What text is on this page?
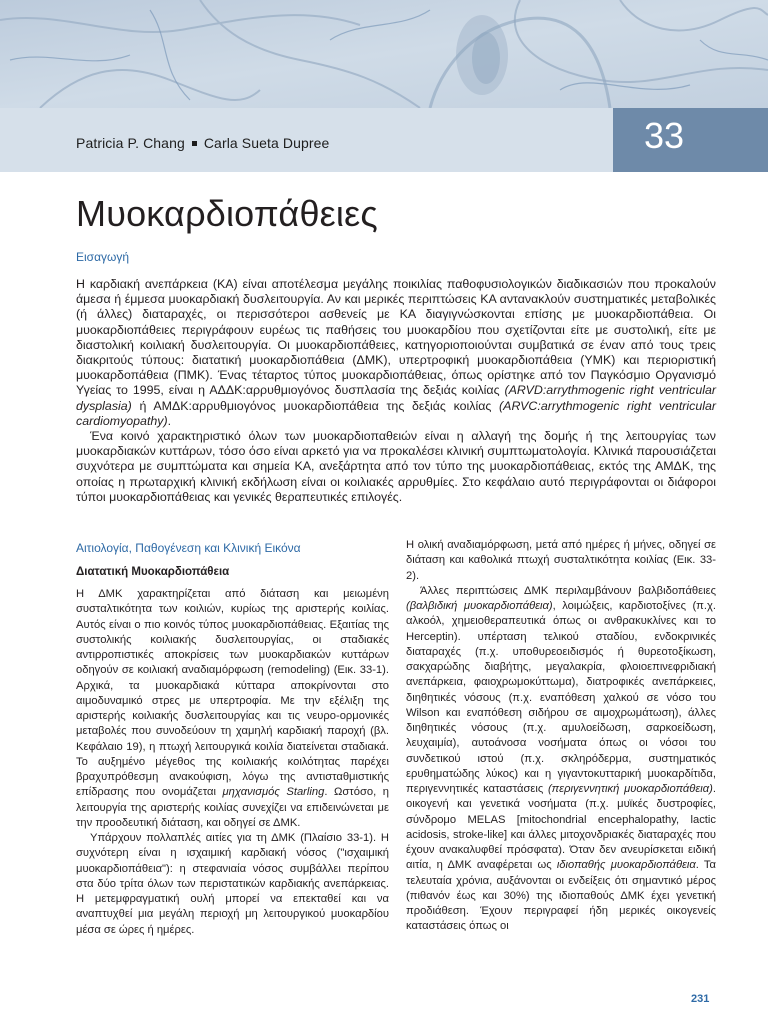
Patricia P. Chang Carla Sueta Dupree	33
Μυοκαρδιοπάθειες
Εισαγωγή

Η καρδιακή ανεπάρκεια (ΚΑ) είναι αποτέλεσμα μεγάλης ποικιλίας παθοφυσιολογικών διαδικασιών που προκαλούν άμεσα ή έμμεσα μυοκαρδιακή δυσλειτουργία. Αν και μερικές περιπτώσεις ΚΑ αντανακλούν συστηματικές μεταβολικές (ή άλλες) διαταραχές, οι περισσότεροι ασθενείς με ΚΑ διαγιγνώσκονται επίσης με μυοκαρδιοπάθεια. Οι μυοκαρδιοπάθειες περιγράφουν ευρέως τις παθήσεις του μυοκαρδίου που σχετίζονται είτε με συστολική, είτε με διαστολική κοιλιακή δυσλειτουργία. Οι μυοκαρδιοπάθειες, κατηγοριοποιούνται συμβατικά σε έναν από τους τρεις διακριτούς τύπους: διατατική μυοκαρδιοπάθεια (ΔΜΚ), υπερτροφική μυοκαρδιοπάθεια (ΥΜΚ) και περιοριστική μυοκαρδοπάθεια (ΠΜΚ). Ένας τέταρτος τύπος μυοκαρδιοπάθειας, όπως ορίστηκε από τον Παγκόσμιο Οργανισμό Υγείας το 1995, είναι η ΑΔΔΚ:αρρυθμιογόνος δυσπλασία της δεξιάς κοιλίας (ARVD:arrythmogenic right ventricular dysplasia) ή ΑΜΔΚ:αρρυθμιογόνος μυοκαρδιοπάθεια της δεξιάς κοιλίας (ARVC:arrythmogenic right ventricular cardiomyopathy).

Ένα κοινό χαρακτηριστικό όλων των μυοκαρδιοπαθειών είναι η αλλαγή της δομής ή της λειτουργίας των μυοκαρδιακών κυττάρων, τόσο όσο είναι αρκετό για να προκαλέσει κλινική συμπτωματολογία. Κλινικά παρουσιάζεται συχνότερα με συμπτώματα και σημεία ΚΑ, ανεξάρτητα από τον τύπο της μυοκαρδιοπάθειας, εκτός της ΑΜΔΚ, της οποίας η πρωταρχική κλινική εκδήλωση είναι οι κοιλιακές αρρυθμίες. Στο κεφάλαιο αυτό περιγράφονται οι διάφοροι τύποι μυοκαρδιοπάθειας και γενικές θεραπευτικές επιλογές.

Αιτιολογία, Παθογένεση και Κλινική Εικόνα
Διατατική Μυοκαρδιοπάθεια

Η ΔΜΚ χαρακτηρίζεται από διάταση και μειωμένη συσταλτικότητα των κοιλιών, κυρίως της αριστερής κοιλίας. Αυτός είναι ο πιο κοινός τύπος μυοκαρδιοπάθειας. Εξαιτίας της συστολικής κοιλιακής δυσλειτουργίας, οι σταδιακές αντιρροπιστικές αποκρίσεις των μυοκαρδιακών κυττάρων οδηγούν σε κοιλιακή αναδιαμόρφωση (remodeling) (Εικ. 33-1). Αρχικά, τα μυοκαρδιακά κύτταρα αποκρίνονται στο αιμοδυναμικό στρες με υπερτροφία. Με την εξέλιξη της αριστερής κοιλιακής δυσλειτουργίας και τις νευρο-ορμονικές μεταβολές που συνοδεύουν τη χαμηλή καρδιακή παροχή (βλ. Κεφάλαιο 19), η πτωχή λειτουργικά κοιλία διατείνεται σταδιακά. Το αυξημένο μέγεθος της κοιλιακής κοιλότητας παρέχει βραχυπρόθεσμη ανακούφιση, λόγω της αντισταθμιστικής επίδρασης που ονομάζεται μηχανισμός Starling. Ωστόσο, η λειτουργία της αριστερής κοιλίας συνεχίζει να επιδεινώνεται με την προοδευτική διάταση, και οδηγεί σε ΔΜΚ.

Υπάρχουν πολλαπλές αιτίες για τη ΔΜΚ (Πλαίσιο 33-1). Η συχνότερη είναι η ισχαιμική καρδιακή νόσος ("ισχαιμική μυοκαρδιοπάθεια"): η στεφανιαία νόσος συμβάλλει περίπου στα δύο τρίτα όλων των περιστατικών καρδιακής ανεπάρκειας. Η μετεμφραγματική ουλή μπορεί να επεκταθεί και να αναπτυχθεί μια μεγάλη περιοχή μη λειτουργικού μυοκαρδίου μέσα σε ώρες ή ημέρες.

Η ολική αναδιαμόρφωση, μετά από ημέρες ή μήνες, οδηγεί σε διάταση και καθολικά πτωχή συσταλτικότητα κοιλίας (Εικ. 33-2).

Άλλες περιπτώσεις ΔΜΚ περιλαμβάνουν βαλβιδοπάθειες (βαλβιδική μυοκαρδιοπάθεια), λοιμώξεις, καρδιοτοξίνες (π.χ. αλκοόλ, χημειοθεραπευτικά όπως οι ανθρακυκλίνες και το Herceptin). υπέρταση τελικού σταδίου, ενδοκρινικές διαταραχές (π.χ. υποθυρεοειδισμός ή θυρεοτοξίκωση, σακχαρώδης διαβήτης, μεγαλακρία, φλοιοεπινεφριδιακή ανεπάρκεια, φαιοχρωμοκύττωμα), διατροφικές ανεπάρκειες, διηθητικές νόσους (π.χ. εναπόθεση χαλκού σε νόσο του Wilson και εναπόθεση σιδήρου σε αιμοχρωμάτωση), άλλες διηθητικές νόσους (π.χ. αμυλοείδωση, σαρκοείδωση, λευχαιμία), αυτοάνοσα νοσήματα όπως οι νόσοι του συνδετικού ιστού (π.χ. σκληρόδερμα, συστηματικός ερυθηματώδης λύκος) και η γιγαντοκυτταρική μυοκαρδίτιδα, περιγεννητικές καταστάσεις (περιγεννητική μυοκαρδιοπάθεια). οικογενή και γενετικά νοσήματα (π.χ. μυϊκές δυστροφίες, σύνδρομο MELAS [mitochondrial encephalopathy, lactic acidosis, stroke-like] και άλλες μιτοχονδριακές διαταραχές που έχουν ανακαλυφθεί πρόσφατα). Όταν δεν ανευρίσκεται ειδική αιτία, η ΔΜΚ αναφέρεται ως ιδιοπαθής μυοκαρδιοπάθεια. Τα τελευταία χρόνια, αυξάνονται οι ενδείξεις ότι σημαντικό μέρος (πιθανόν έως και 30%) της ιδιοπαθούς ΔΜΚ έχει γενετική προδιάθεση. Έχουν περιγραφεί ήδη μερικές οικογενείς καταστάσεις όπως οι

231
